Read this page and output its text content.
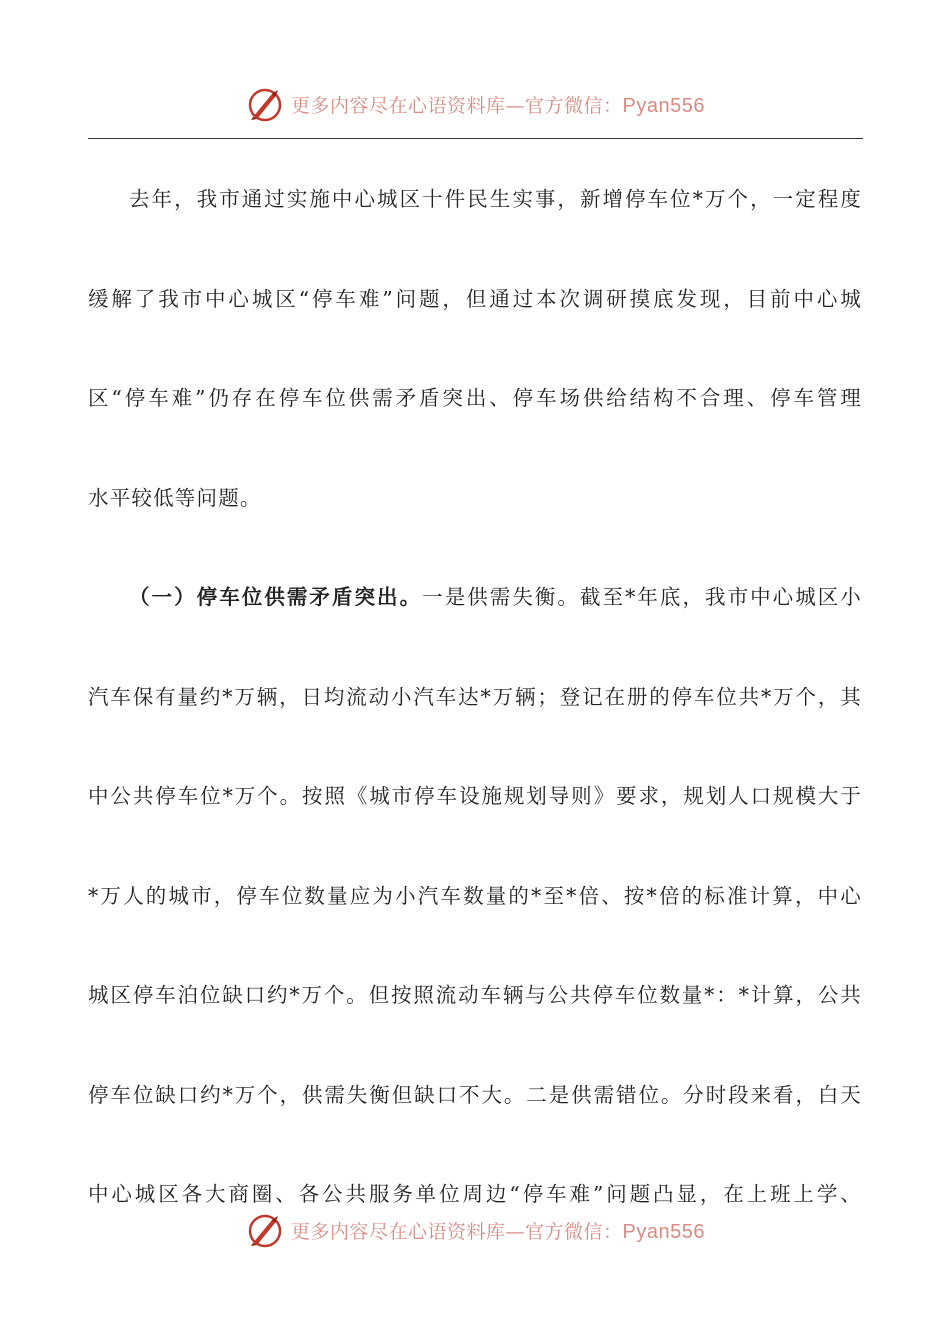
更多内容尽在心语资料库—官方微信：Pyan556
去年，我市通过实施中心城区十件民生实事，新增停车位*万个，一定程度
缓解了我市中心城区“停车难”问题，但通过本次调研摸底发现，目前中心城
区“停车难”仍存在停车位供需矛盾突出、停车场供给结构不合理、停车管理
水平较低等问题。
（一）停车位供需矛盾突出。一是供需失衡。截至*年底，我市中心城区小
汽车保有量约*万辆，日均流动小汽车达*万辆；登记在册的停车位共*万个，其
中公共停车位*万个。按照《城市停车设施规划导则》要求，规划人口规模大于
*万人的城市，停车位数量应为小汽车数量的*至*倍、按*倍的标准计算，中心
城区停车泊位缺口约*万个。但按照流动车辆与公共停车位数量*：*计算，公共
停车位缺口约*万个，供需失衡但缺口不大。二是供需错位。分时段来看，白天
中心城区各大商圈、各公共服务单位周边“停车难”问题凸显，在上班上学、
更多内容尽在心语资料库—官方微信：Pyan556
